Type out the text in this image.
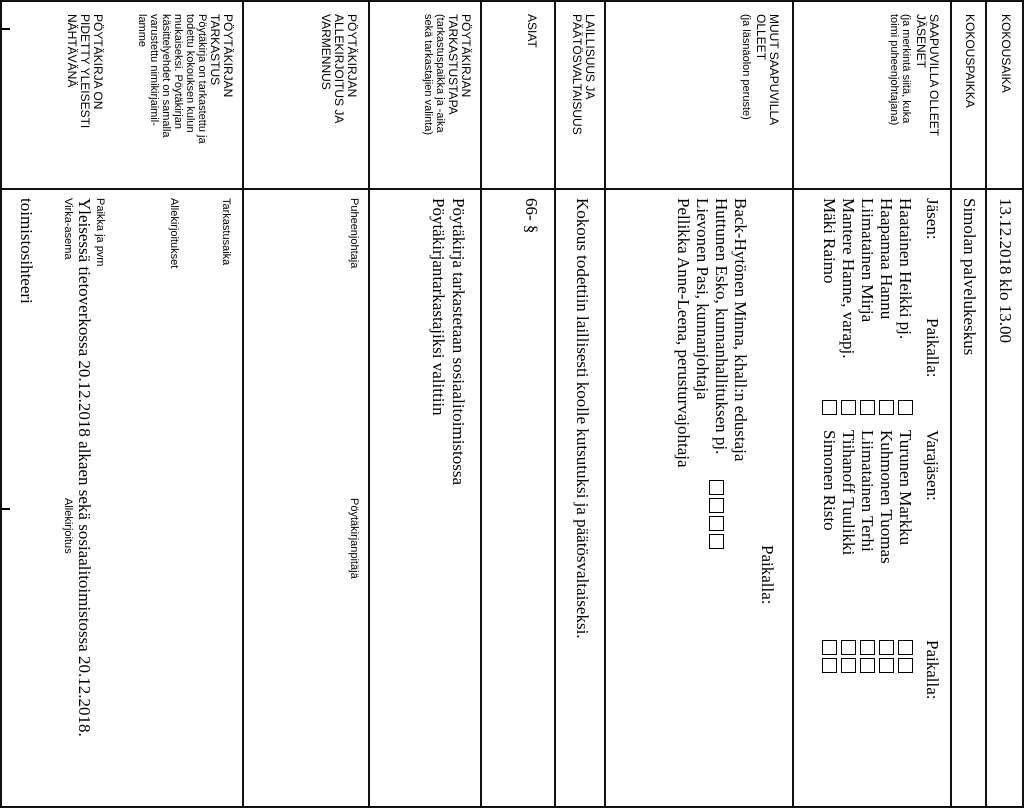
KOKOUSAIKA
13.12.2018 klo 13.00
KOKOUSPAIKKA
Simolan palvelukeskus
SAAPUVILLA OLLEET
JÄSENET
(ja merkintä siitä, kuka
toimi puheenjohtajana)
Jäsen:
Paikalla:
Varajäsen:
Paikalla:
Haatainen Heikki pj.
Haapamaa Hannu
Liimatainen Mirja
Mantere Hanne, varapj.
Mäki Raimo
Turunen Markku
Kuhmonen Tuomas
Liimatainen Terhi
Tiihanoff Tuulikki
Simonen Risto
MUUT SAAPUVILLA
OLLEET
(ja läsnäolon peruste)
Paikalla:
Back-Hytönen Minna, khall:n edustaja
Huttunen Esko, kunnanhallituksen pj.
Lievonen Pasi, kunnanjohtaja
Pellikka Anne-Leena, perusturvajohtaja
LAILLISUUS JA
PÄÄTÖSVALTAISUUS
Kokous todettiin laillisesti koolle kutsutuksi ja päätösvaltaiseksi.
ASIAT
66- §
PÖYTÄKIRJAN
TARKASTUSTAPA
(tarkastuspaikka ja -aika
sekä tarkastajien valinta)
Pöytäkirja tarkastetaan sosiaalitoimistossa
Pöytäkirjantarkastajiksi valittiin
PÖYTÄKIRJAN
ALLEKIRJOITUS JA
VARMENNUS
Puheenjohtaja
Pöytäkirjanpitäjä
PÖYTÄKIRJAN
TARKASTUS
Pöytäkirja on tarkastettu ja
todettu kokouksen kulun
mukaiseksi. Pöytäkirjan
käsittelyehdet on samalla
varustettu nimikirjaimil-
lamme
Tarkastusaika
Allekirjoitukset
PÖYTÄKIRJA ON
PIDETTY YLEISESTI
NÄHTÄVÄNÄ
Paikka ja pvm
Yleisessä tietoverkossa 20.12.2018 alkaen sekä sosiaalitoimistossa 20.12.2018.
Virka-asema
Allekirjoitus
toimistosihteeri
